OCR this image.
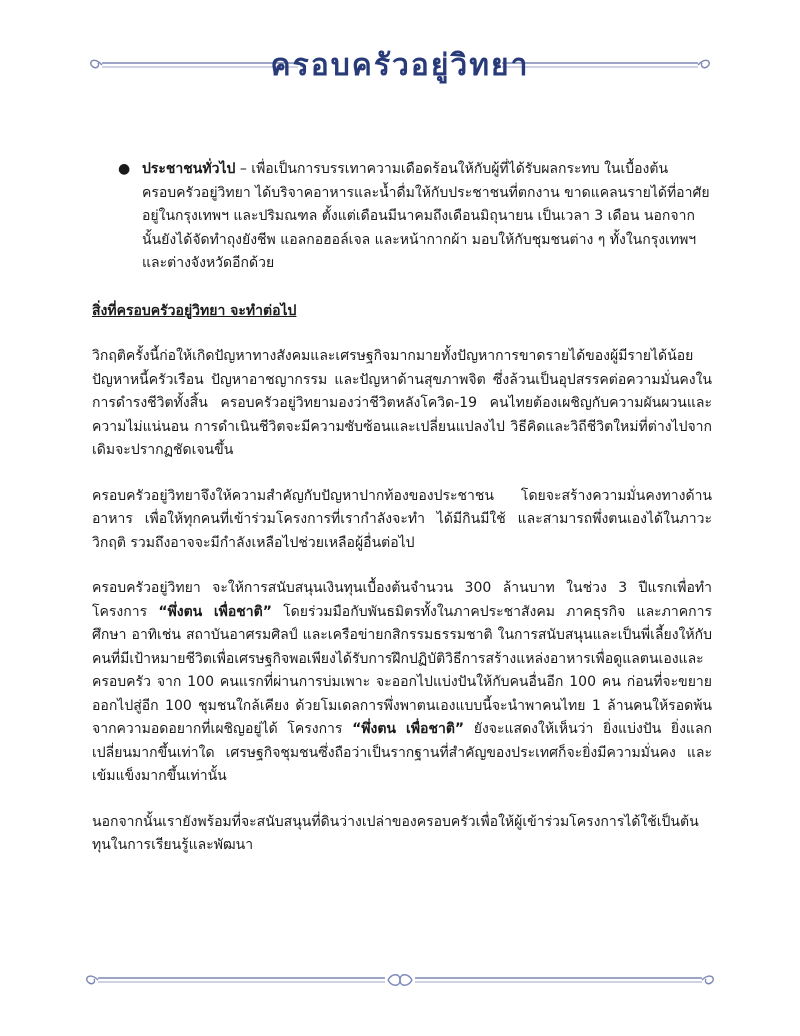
ครอบครัวอยู่วิทยา
● ประชาชนทั่วไป – เพื่อเป็นการบรรเทาความเดือดร้อนให้กับผู้ที่ได้รับผลกระทบ ในเบื้องต้นครอบครัวอยู่วิทยา ได้บริจาคอาหารและน้ำดื่มให้กับประชาชนที่ตกงาน ขาดแคลนรายได้ที่อาศัยอยู่ในกรุงเทพฯ และปริมณฑล ตั้งแต่เดือนมีนาคมถึงเดือนมิถุนายน เป็นเวลา 3 เดือน นอกจากนั้นยังได้จัดทำถุงยังชีพ แอลกอฮอล์เจล และหน้ากากผ้า มอบให้กับชุมชนต่าง ๆ ทั้งในกรุงเทพฯ และต่างจังหวัดอีกด้วย
สิ่งที่ครอบครัวอยู่วิทยา จะทำต่อไป
วิกฤติครั้งนี้ก่อให้เกิดปัญหาทางสังคมและเศรษฐกิจมากมายทั้งปัญหาการขาดรายได้ของผู้มีรายได้น้อย ปัญหาหนี้ครัวเรือน ปัญหาอาชญากรรม และปัญหาด้านสุขภาพจิต ซึ่งล้วนเป็นอุปสรรคต่อความมั่นคงในการดำรงชีวิตทั้งสิ้น ครอบครัวอยู่วิทยามองว่าชีวิตหลังโควิด-19 คนไทยต้องเผชิญกับความผันผวนและความไม่แน่นอน การดำเนินชีวิตจะมีความซับซ้อนและเปลี่ยนแปลงไป วิธีคิดและวิถีชีวิตใหม่ที่ต่างไปจากเดิมจะปรากฏชัดเจนขึ้น
ครอบครัวอยู่วิทยาจึงให้ความสำคัญกับปัญหาปากท้องของประชาชน โดยจะสร้างความมั่นคงทางด้านอาหาร เพื่อให้ทุกคนที่เข้าร่วมโครงการที่เรากำลังจะทำ ได้มีกินมีใช้ และสามารถพึ่งตนเองได้ในภาวะวิกฤติ รวมถึงอาจจะมีกำลังเหลือไปช่วยเหลือผู้อื่นต่อไป
ครอบครัวอยู่วิทยา จะให้การสนับสนุนเงินทุนเบื้องต้นจำนวน 300 ล้านบาท ในช่วง 3 ปีแรกเพื่อทำโครงการ “พึ่งตน เพื่อชาติ” โดยร่วมมือกับพันธมิตรทั้งในภาคประชาสังคม ภาคธุรกิจ และภาคการศึกษา อาทิเช่น สถาบันอาศรมศิลป์ และเครือข่ายกสิกรรมธรรมชาติ ในการสนับสนุนและเป็นพี่เลี้ยงให้กับคนที่มีเป้าหมายชีวิตเพื่อเศรษฐกิจพอเพียงได้รับการฝึกปฏิบัติวิธีการสร้างแหล่งอาหารเพื่อดูแลตนเองและครอบครัว จาก 100 คนแรกที่ผ่านการบ่มเพาะ จะออกไปแบ่งปันให้กับคนอื่นอีก 100 คน ก่อนที่จะขยายออกไปสู่อีก 100 ชุมชนใกล้เคียง ด้วยโมเดลการพึ่งพาตนเองแบบนี้จะนำพาคนไทย 1 ล้านคนให้รอดพ้นจากความอดอยากที่เผชิญอยู่ได้ โครงการ “พึ่งตน เพื่อชาติ” ยังจะแสดงให้เห็นว่า ยิ่งแบ่งปัน ยิ่งแลกเปลี่ยนมากขึ้นเท่าใด เศรษฐกิจชุมชนซึ่งถือว่าเป็นรากฐานที่สำคัญของประเทศก็จะยิ่งมีความมั่นคง และเข้มแข็งมากขึ้นเท่านั้น
นอกจากนั้นเรายังพร้อมที่จะสนับสนุนที่ดินว่างเปล่าของครอบครัวเพื่อให้ผู้เข้าร่วมโครงการได้ใช้เป็นต้นทุนในการเรียนรู้และพัฒนา
